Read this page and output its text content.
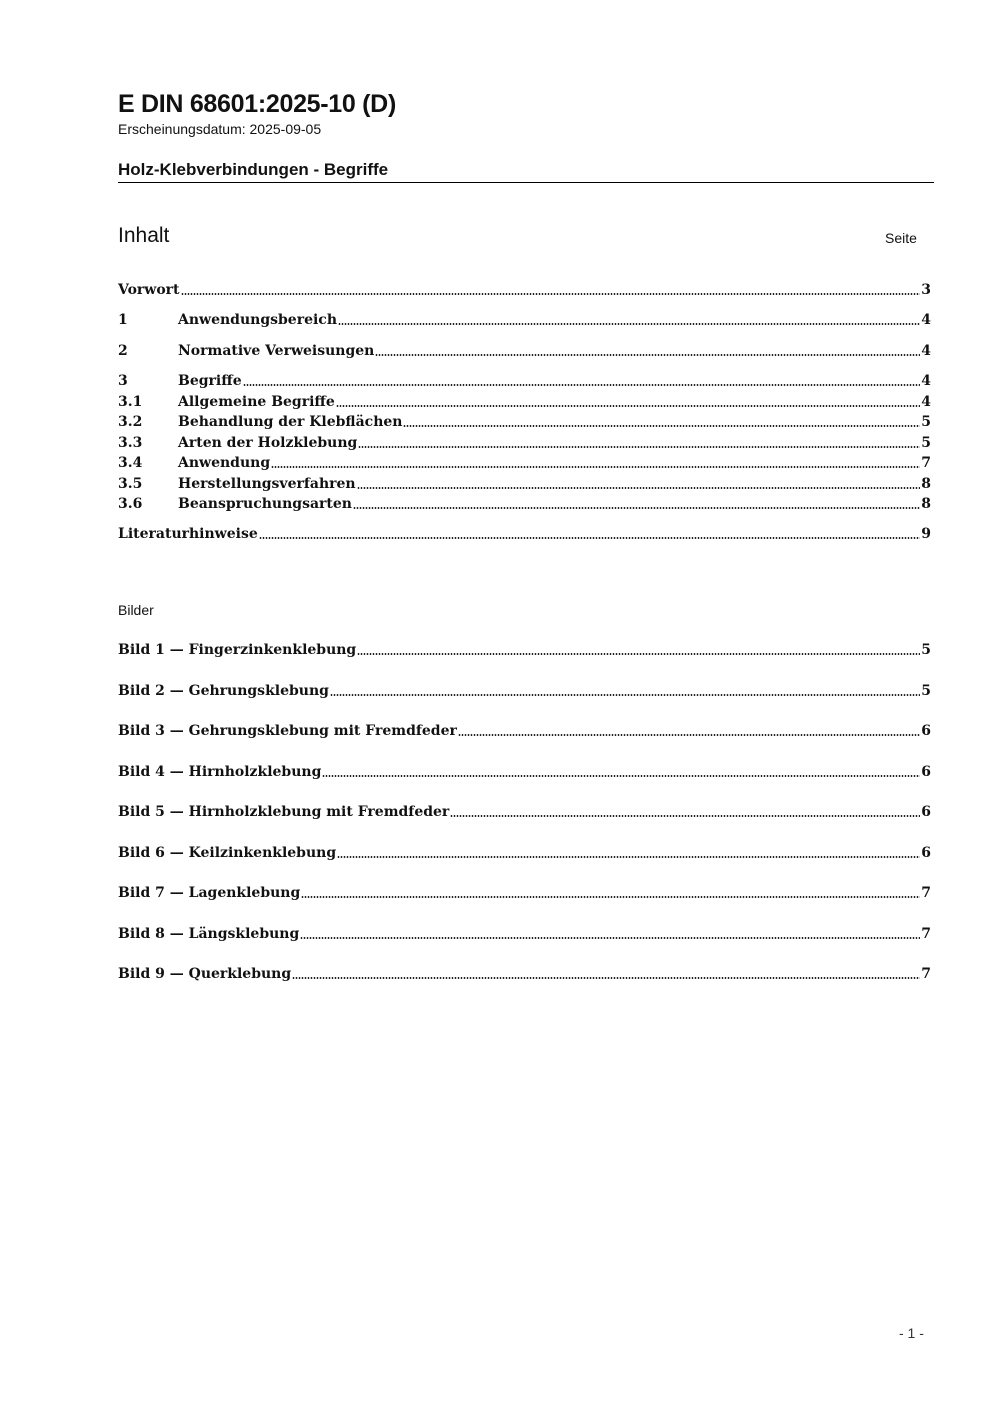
E DIN 68601:2025-10 (D)
Erscheinungsdatum: 2025-09-05
Holz-Klebverbindungen - Begriffe
Inhalt	Seite
Vorwort	3
1	Anwendungsbereich	4
2	Normative Verweisungen	4
3	Begriffe	4
3.1	Allgemeine Begriffe	4
3.2	Behandlung der Klebflächen	5
3.3	Arten der Holzklebung	5
3.4	Anwendung	7
3.5	Herstellungsverfahren	8
3.6	Beanspruchungsarten	8
Literaturhinweise	9
Bilder
Bild 1 — Fingerzinkenklebung	5
Bild 2 — Gehrungsklebung	5
Bild 3 — Gehrungsklebung mit Fremdfeder	6
Bild 4 — Hirnholzklebung	6
Bild 5 — Hirnholzklebung mit Fremdfeder	6
Bild 6 — Keilzinkenklebung	6
Bild 7 — Lagenklebung	7
Bild 8 — Längsklebung	7
Bild 9 — Querklebung	7
- 1 -
